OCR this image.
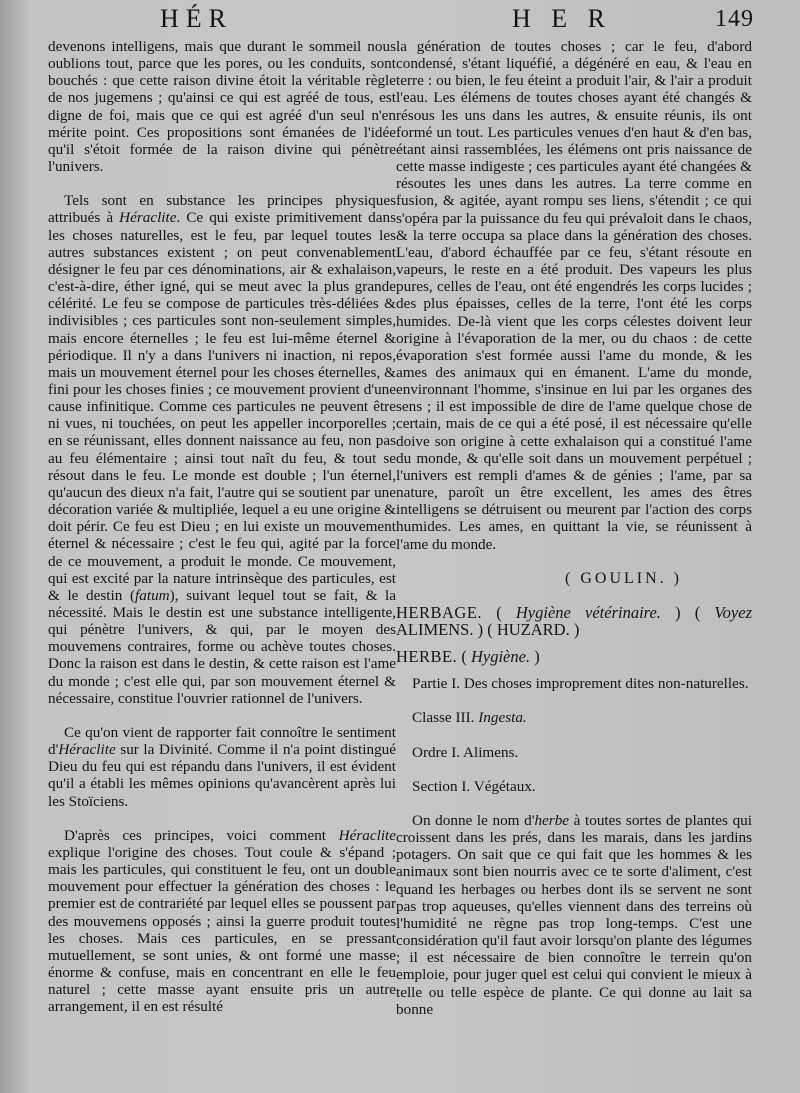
HÉR	H E R	149

devenons intelligens, mais que durant le sommeil nous oublions tout, parce que les pores, ou les conduits, sont bouchés : que cette raison divine étoit la véritable règle de nos jugemens ; qu'ainsi ce qui est agréé de tous, est digne de foi, mais que ce qui est agréé d'un seul n'en mérite point. Ces propositions sont émanées de l'idée qu'il s'étoit formée de la raison divine qui pénètre l'univers.

Tels sont en substance les principes physiques attribués à Héraclite. Ce qui existe primitivement dans les choses naturelles, est le feu, par lequel toutes les autres substances existent ; on peut convenablement désigner le feu par ces dénominations, air & exhalaison, c'est-à-dire, éther igné, qui se meut avec la plus grande célérité. Le feu se compose de particules très-déliées & indivisibles ; ces particules sont non-seulement simples, mais encore éternelles ; le feu est lui-même éternel & périodique. Il n'y a dans l'univers ni inaction, ni repos, mais un mouvement éternel pour les choses éternelles, & fini pour les choses finies ; ce mouvement provient d'une cause infinitique. Comme ces particules ne peuvent être ni vues, ni touchées, on peut les appeller incorporelles ; en se réunissant, elles donnent naissance au feu, non pas au feu élémentaire ; ainsi tout naît du feu, & tout se résout dans le feu. Le monde est double ; l'un éternel, qu'aucun des dieux n'a fait, l'autre qui se soutient par une décoration variée & multipliée, lequel a eu une origine & doit périr. Ce feu est Dieu ; en lui existe un mouvement éternel & nécessaire ; c'est le feu qui, agité par la force de ce mouvement, a produit le monde. Ce mouvement, qui est excité par la nature intrinsèque des particules, est & le destin (fatum), suivant lequel tout se fait, & la nécessité. Mais le destin est une substance intelligente, qui pénètre l'univers, & qui, par le moyen des mouvemens contraires, forme ou achève toutes choses. Donc la raison est dans le destin, & cette raison est l'ame du monde ; c'est elle qui, par son mouvement éternel & nécessaire, constitue l'ouvrier rationnel de l'univers.

Ce qu'on vient de rapporter fait connoître le sentiment d'Héraclite sur la Divinité. Comme il n'a point distingué Dieu du feu qui est répandu dans l'univers, il est évident qu'il a établi les mêmes opinions qu'avancèrent après lui les Stoïciens.

D'après ces principes, voici comment Héraclite explique l'origine des choses. Tout coule & s'épand ; mais les particules, qui constituent le feu, ont un double mouvement pour effectuer la génération des choses : le premier est de contrariété par lequel elles se poussent par des mouvemens opposés ; ainsi la guerre produit toutes les choses. Mais ces particules, en se pressant mutuellement, se sont unies, & ont formé une masse énorme & confuse, mais en concentrant en elle le feu naturel ; cette masse ayant ensuite pris un autre arrangement, il en est résulté

la génération de toutes choses ; car le feu, d'abord condensé, s'étant liquéfié, a dégénéré en eau, & l'eau en terre : ou bien, le feu éteint a produit l'air, & l'air a produit l'eau. Les élémens de toutes choses ayant été changés & résous les uns dans les autres, & ensuite réunis, ils ont formé un tout. Les particules venues d'en haut & d'en bas, étant ainsi rassemblées, les élémens ont pris naissance de cette masse indigeste ; ces particules ayant été changées & résoutes les unes dans les autres. La terre comme en fusion, & agitée, ayant rompu ses liens, s'étendit ; ce qui s'opéra par la puissance du feu qui prévaloit dans le chaos, & la terre occupa sa place dans la génération des choses. L'eau, d'abord échauffée par ce feu, s'étant résoute en vapeurs, le reste en a été produit. Des vapeurs les plus pures, celles de l'eau, ont été engendrés les corps lucides ; des plus épaisses, celles de la terre, l'ont été les corps humides. De-là vient que les corps célestes doivent leur origine à l'évaporation de la mer, ou du chaos : de cette évaporation s'est formée aussi l'ame du monde, & les ames des animaux qui en émanent. L'ame du monde, environnant l'homme, s'insinue en lui par les organes des sens ; il est impossible de dire de l'ame quelque chose de certain, mais de ce qui a été posé, il est nécessaire qu'elle doive son origine à cette exhalaison qui a constitué l'ame du monde, & qu'elle soit dans un mouvement perpétuel ; l'univers est rempli d'ames & de génies ; l'ame, par sa nature, paroît un être excellent, les ames des êtres intelligens se détruisent ou meurent par l'action des corps humides. Les ames, en quittant la vie, se réunissent à l'ame du monde.

( GOULIN. )

HERBAGE. ( Hygiène vétérinaire. ) ( Voyez ALIMENS. ) ( HUZARD. )

HERBE. ( Hygiène. )

Partie I. Des choses improprement dites non-naturelles.

Classe III. Ingesta.

Ordre I. Alimens.

Section I. Végétaux.

On donne le nom d'herbe à toutes sortes de plantes qui croissent dans les prés, dans les marais, dans les jardins potagers. On sait que ce qui fait que les hommes & les animaux sont bien nourris avec ce te sorte d'aliment, c'est quand les herbages ou herbes dont ils se servent ne sont pas trop aqueuses, qu'elles viennent dans des terreins où l'humidité ne règne pas trop long-temps. C'est une considération qu'il faut avoir lorsqu'on plante des légumes ; il est nécessaire de bien connoître le terrein qu'on emploie, pour juger quel est celui qui convient le mieux à telle ou telle espèce de plante. Ce qui donne au lait sa bonne
